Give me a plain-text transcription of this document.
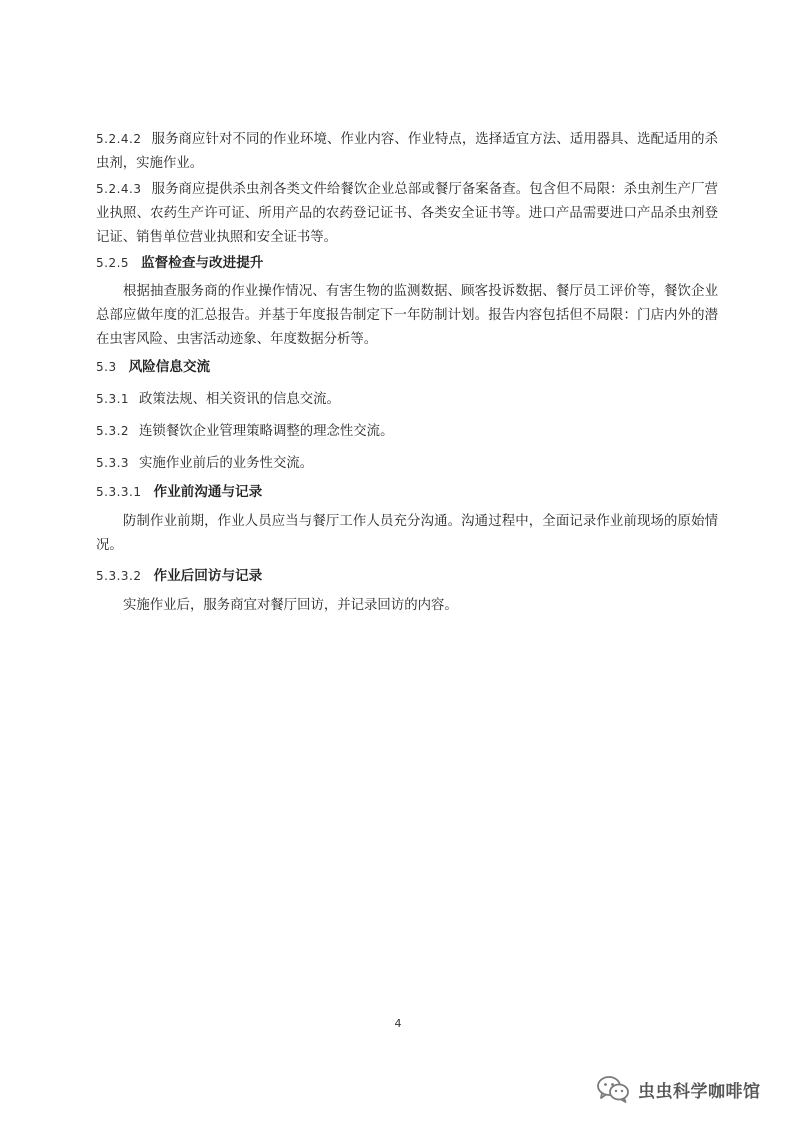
5.2.4.2 服务商应针对不同的作业环境、作业内容、作业特点，选择适宜方法、适用器具、选配适用的杀虫剂，实施作业。

5.2.4.3 服务商应提供杀虫剂各类文件给餐饮企业总部或餐厅备案备查。包含但不局限：杀虫剂生产厂营业执照、农药生产许可证、所用产品的农药登记证书、各类安全证书等。进口产品需要进口产品杀虫剂登记证、销售单位营业执照和安全证书等。

5.2.5 监督检查与改进提升

根据抽查服务商的作业操作情况、有害生物的监测数据、顾客投诉数据、餐厅员工评价等，餐饮企业总部应做年度的汇总报告。并基于年度报告制定下一年防制计划。报告内容包括但不局限：门店内外的潜在虫害风险、虫害活动迹象、年度数据分析等。

5.3 风险信息交流

5.3.1 政策法规、相关资讯的信息交流。

5.3.2 连锁餐饮企业管理策略调整的理念性交流。

5.3.3 实施作业前后的业务性交流。

5.3.3.1 作业前沟通与记录

防制作业前期，作业人员应当与餐厅工作人员充分沟通。沟通过程中，全面记录作业前现场的原始情况。

5.3.3.2 作业后回访与记录

实施作业后，服务商宜对餐厅回访，并记录回访的内容。

4
虫虫科学咖啡馆
